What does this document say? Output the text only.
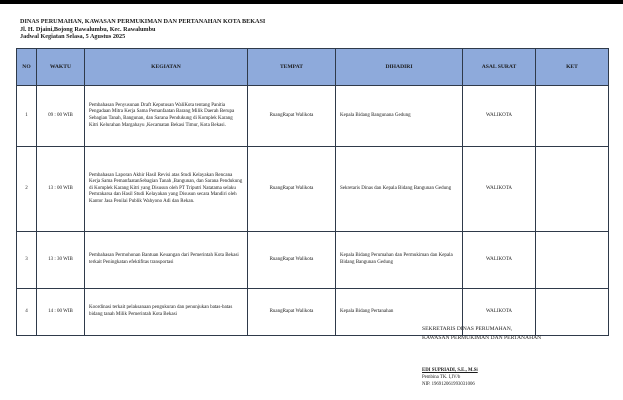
DINAS PERUMAHAN, KAWASAN PERMUKIMAN DAN PERTANAHAN KOTA BEKASI
Jl. H. Djaini,Bojong Rawalumbu, Kec. Rawalumbu
Jadwal Kegiatan Selasa, 5 Agustus 2025
NO	WAKTU	KEGIATAN	TEMPAT	DIHADIRI	ASAL SURAT	KET
1	09 : 00 WIB	Pembahasan Penyusunan Draft Keputusan WaliKota tentang Panitia Pengadaan Mitra Kerja Sama Pemanfaatan Barang Milik Daerah Berupa Sebagian Tanah, Bangunan, dan Sarana Pendukung di Komplek Karang Kitri Kelurahan Margahayu ,Kecamatan Bekasi Timur, Kota Bekasi.	RuangRapat Walikota	Kepala Bidang Bangunana Gedung	WALIKOTA	
2	13 : 00 WIB	Pembahasan Laporan Akhir Hasil Revisi atas Studi Kelayakan Rencana Kerja Sama PemanfaatanSebagian Tanah ,Bangunan, dan Sarana Pendukung di Komplek Karang Kitri yang Disusun oleh PT Triputri Natatama selaku Pemrakarsa dan Hasil Studi Kelayakan yang Disusun secara Mandiri oleh Kantor Jasa Penilai Publik Wahyono Adi dan Rekan.	RuangRapat Walikota	Sekretaris Dinas dan Kepala Bidang Bangunan Gedung	WALIKOTA	
3	13 : 30 WIB	Pembahasan Permohonan Bantuan Keuangan dari Pemerintah Kota Bekasi terkait Peningkatan efektifitas transportasi	RuangRapat Walikota	Kepala Bidang Perumahan dan Permukiman dan Kepala Bidang Bangunan Gedung	WALIKOTA	
4	14 : 00 WIB	Koordinasi terkait pelaksanaan pengukuran dan penunjukan batas-batas bidang tanah Milik Pemerintah Kota Bekasi	RuangRapat Walikota	Kepala Bidang Pertanahan	WALIKOTA	
SEKRETARIS DINAS PERUMAHAN,
KAWASAN PERMUKIMAN DAN PERTANAHAN
EDI SUPRIADI, S.E., M.Si
Pembina TK. I,IV/b
NIP. 196912061993031006
